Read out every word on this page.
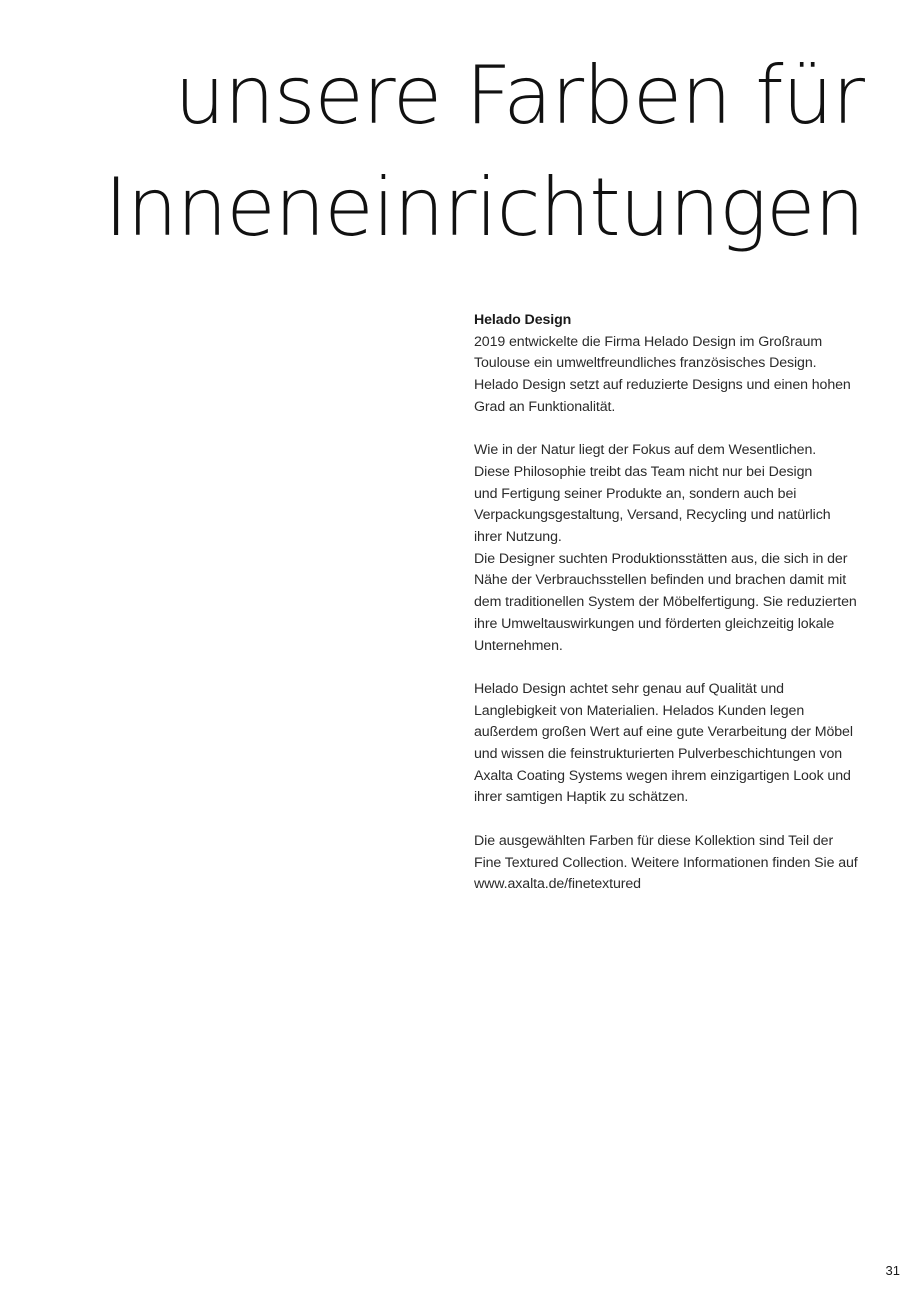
unsere Farben für
Inneneinrichtungen
Helado Design
2019 entwickelte die Firma Helado Design im Großraum
Toulouse ein umweltfreundliches französisches Design.
Helado Design setzt auf reduzierte Designs und einen hohen
Grad an Funktionalität.
Wie in der Natur liegt der Fokus auf dem Wesentlichen.
Diese Philosophie treibt das Team nicht nur bei Design
und Fertigung seiner Produkte an, sondern auch bei
Verpackungsgestaltung, Versand, Recycling und natürlich
ihrer Nutzung.
Die Designer suchten Produktionsstätten aus, die sich in der
Nähe der Verbrauchsstellen befinden und brachen damit mit
dem traditionellen System der Möbelfertigung. Sie reduzierten
ihre Umweltauswirkungen und förderten gleichzeitig lokale
Unternehmen.
Helado Design achtet sehr genau auf Qualität und
Langlebigkeit von Materialien. Helados Kunden legen
außerdem großen Wert auf eine gute Verarbeitung der Möbel
und wissen die feinstrukturierten Pulverbeschichtungen von
Axalta Coating Systems wegen ihrem einzigartigen Look und
ihrer samtigen Haptik zu schätzen.
Die ausgewählten Farben für diese Kollektion sind Teil der
Fine Textured Collection. Weitere Informationen finden Sie auf
www.axalta.de/finetextured
31
